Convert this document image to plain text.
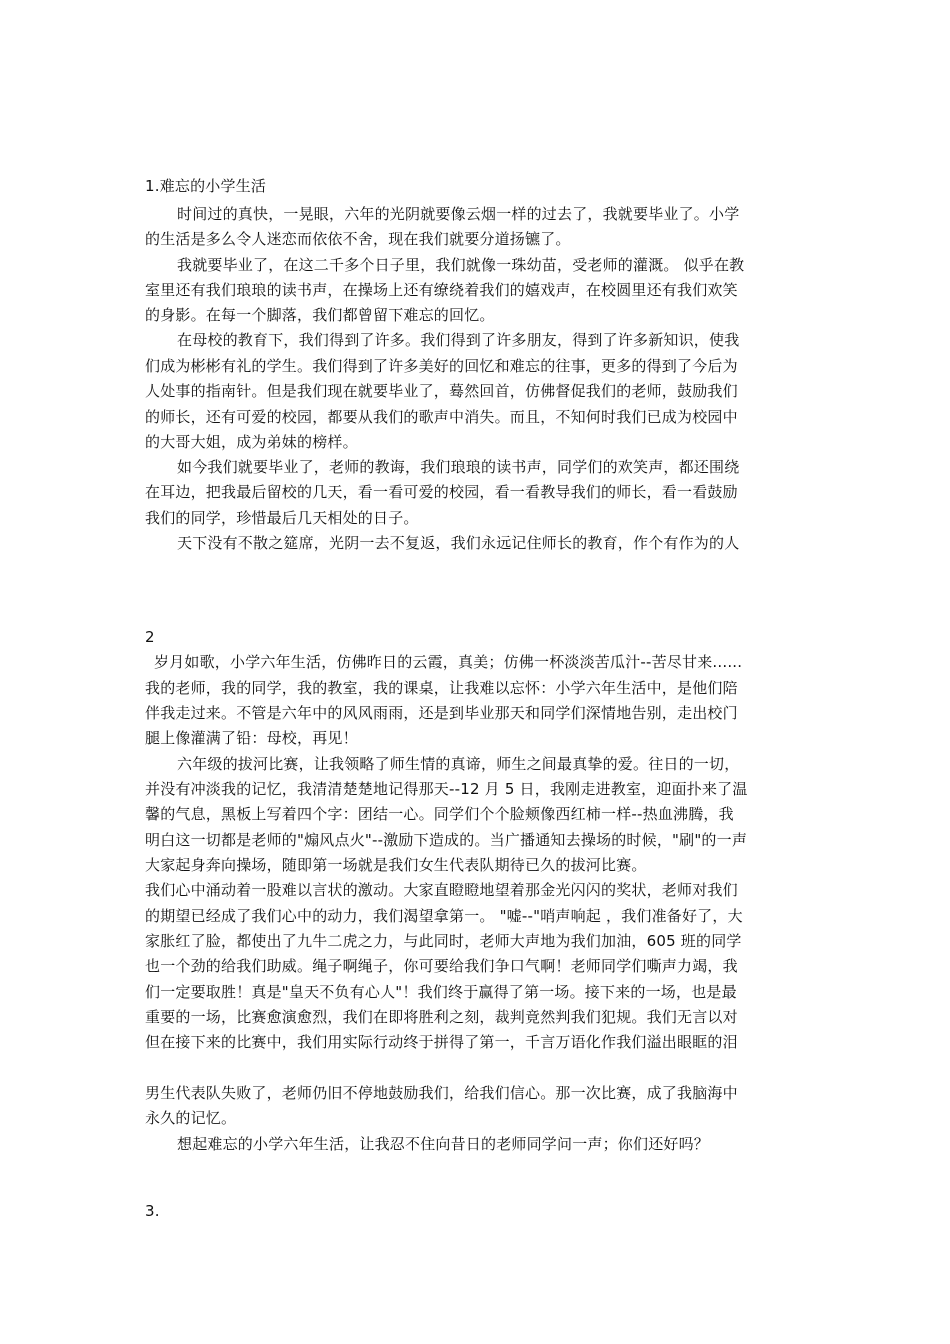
1.难忘的小学生活
时间过的真快，一晃眼，六年的光阴就要像云烟一样的过去了，我就要毕业了。小学
的生活是多么令人迷恋而依依不舍，现在我们就要分道扬镳了。
我就要毕业了，在这二千多个日子里，我们就像一珠幼苗，受老师的灌溉。 似乎在教
室里还有我们琅琅的读书声，在操场上还有缭绕着我们的嬉戏声，在校圆里还有我们欢笑
的身影。在每一个脚落，我们都曾留下难忘的回忆。
在母校的教育下，我们得到了许多。我们得到了许多朋友，得到了许多新知识，使我
们成为彬彬有礼的学生。我们得到了许多美好的回忆和难忘的往事，更多的得到了今后为
人处事的指南针。但是我们现在就要毕业了，蓦然回首，仿佛督促我们的老师，鼓励我们
的师长，还有可爱的校园，都要从我们的歌声中消失。而且，不知何时我们已成为校园中
的大哥大姐，成为弟妹的榜样。
如今我们就要毕业了，老师的教诲，我们琅琅的读书声，同学们的欢笑声，都还围绕
在耳边，把我最后留校的几天，看一看可爱的校园，看一看教导我们的师长，看一看鼓励
我们的同学，珍惜最后几天相处的日子。
天下没有不散之筵席，光阴一去不复返，我们永远记住师长的教育，作个有作为的人
2
岁月如歌，小学六年生活，仿佛昨日的云霞，真美；仿佛一杯淡淡苦瓜汁--苦尽甘来......
我的老师，我的同学，我的教室，我的课桌，让我难以忘怀：小学六年生活中，是他们陪
伴我走过来。不管是六年中的风风雨雨，还是到毕业那天和同学们深情地告别，走出校门
腿上像灌满了铅：母校，再见！
六年级的拔河比赛，让我领略了师生情的真谛，师生之间最真挚的爱。往日的一切，
并没有冲淡我的记忆，我清清楚楚地记得那天--12 月 5 日，我刚走进教室，迎面扑来了温
馨的气息，黑板上写着四个字：团结一心。同学们个个脸颊像西红柿一样--热血沸腾，我
明白这一切都是老师的"煽风点火"--激励下造成的。当广播通知去操场的时候，"刷"的一声
大家起身奔向操场，随即第一场就是我们女生代表队期待已久的拔河比赛。
我们心中涌动着一股难以言状的激动。大家直瞪瞪地望着那金光闪闪的奖状，老师对我们
的期望已经成了我们心中的动力，我们渴望拿第一。 "嘘--"哨声响起 ，我们准备好了，大
家胀红了脸，都使出了九牛二虎之力，与此同时，老师大声地为我们加油，605 班的同学
也一个劲的给我们助威。绳子啊绳子，你可要给我们争口气啊！老师同学们嘶声力竭，我
们一定要取胜！真是"皇天不负有心人"！我们终于赢得了第一场。接下来的一场，也是最
重要的一场，比赛愈演愈烈，我们在即将胜利之刻，裁判竟然判我们犯规。我们无言以对
但在接下来的比赛中，我们用实际行动终于拼得了第一，千言万语化作我们溢出眼眶的泪
男生代表队失败了，老师仍旧不停地鼓励我们，给我们信心。那一次比赛，成了我脑海中
永久的记忆。
想起难忘的小学六年生活，让我忍不住向昔日的老师同学问一声；你们还好吗？
3.
